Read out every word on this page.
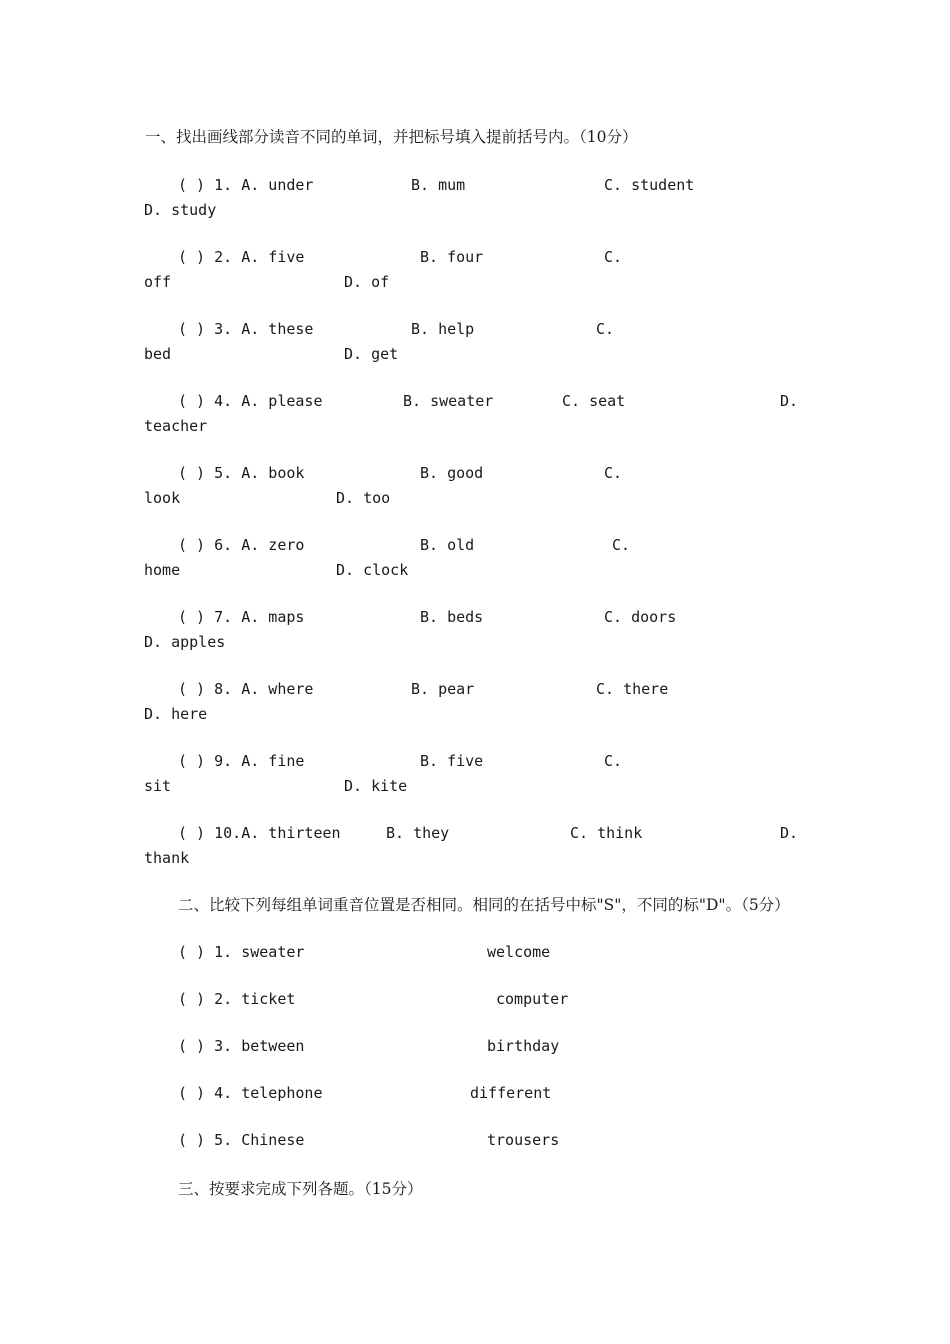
一、找出画线部分读音不同的单词，并把标号填入提前括号内。（10分）
( ) 1. A. under	B. mum	C. student
D. study
( ) 2. A. five	B. four	C.
off	D. of
( ) 3. A. these	B. help	C.
bed	D. get
( ) 4. A. please	B. sweater	C. seat	D.
teacher
( ) 5. A. book	B. good	C.
look	D. too
( ) 6. A. zero	B. old	C.
home	D. clock
( ) 7. A. maps	B. beds	C. doors
D. apples
( ) 8. A. where	B. pear	C. there
D. here
( ) 9. A. fine	B. five	C.
sit	D. kite
( ) 10.A. thirteen	B. they	C. think	D.
thank
二、比较下列每组单词重音位置是否相同。相同的在括号中标"S"，不同的标"D"。（5分）
( ) 1. sweater	welcome
( ) 2. ticket	computer
( ) 3. between	birthday
( ) 4. telephone	different
( ) 5. Chinese	trousers
三、按要求完成下列各题。（15分）
